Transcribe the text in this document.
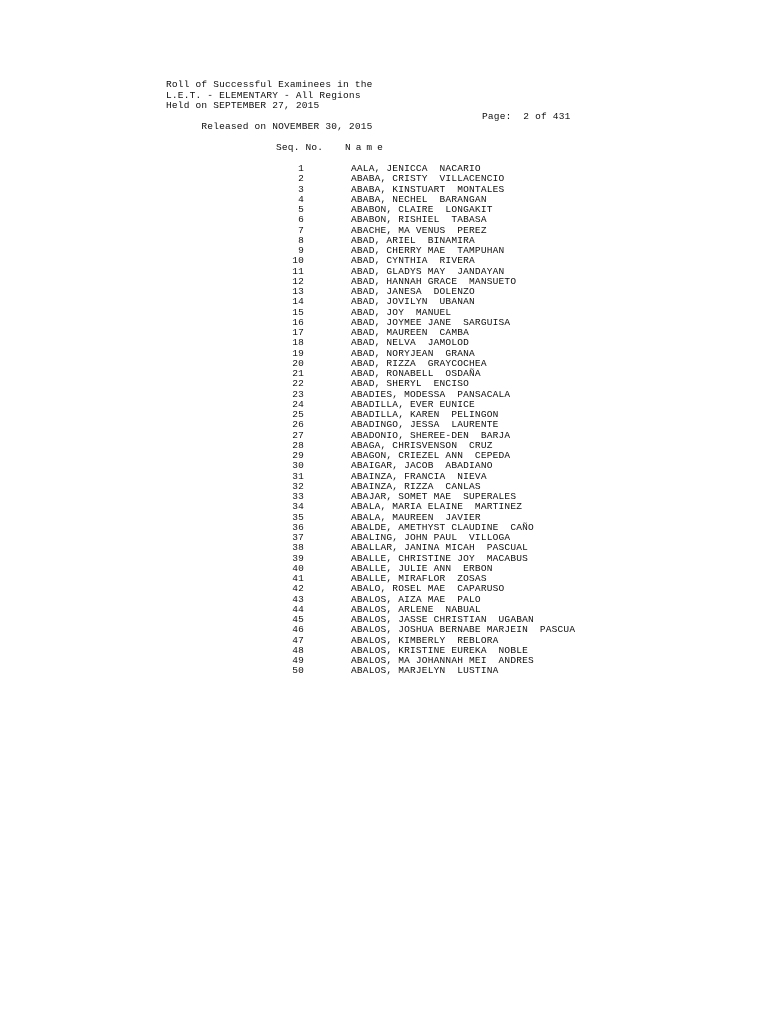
Roll of Successful Examinees in the
L.E.T. - ELEMENTARY - All Regions
Held on SEPTEMBER 27, 2015

Released on NOVEMBER 30, 2015

Page:  2 of 431

Seq. No. Name
1	AALA, JENICCA  NACARIO
2	ABABA, CRISTY  VILLACENCIO
3	ABABA, KINSTUART  MONTALES
4	ABABA, NECHEL  BARANGAN
5	ABABON, CLAIRE  LONGAKIT
6	ABABON, RISHIEL  TABASA
7	ABACHE, MA VENUS  PEREZ
8	ABAD, ARIEL  BINAMIRA
9	ABAD, CHERRY MAE  TAMPUHAN
10	ABAD, CYNTHIA  RIVERA
11	ABAD, GLADYS MAY  JANDAYAN
12	ABAD, HANNAH GRACE  MANSUETO
13	ABAD, JANESA  DOLENZO
14	ABAD, JOVILYN  UBANAN
15	ABAD, JOY  MANUEL
16	ABAD, JOYMEE JANE  SARGUISA
17	ABAD, MAUREEN  CAMBA
18	ABAD, NELVA  JAMOLOD
19	ABAD, NORYJEAN  GRANA
20	ABAD, RIZZA  GRAYCOCHEA
21	ABAD, RONABELL  OSDAÑA
22	ABAD, SHERYL  ENCISO
23	ABADIES, MODESSA  PANSACALA
24	ABADILLA, EVER EUNICE
25	ABADILLA, KAREN  PELINGON
26	ABADINGO, JESSA  LAURENTE
27	ABADONIO, SHEREE-DEN  BARJA
28	ABAGA, CHRISVENSON  CRUZ
29	ABAGON, CRIEZEL ANN  CEPEDA
30	ABAIGAR, JACOB  ABADIANO
31	ABAINZA, FRANCIA  NIEVA
32	ABAINZA, RIZZA  CANLAS
33	ABAJAR, SOMET MAE  SUPERALES
34	ABALA, MARIA ELAINE  MARTINEZ
35	ABALA, MAUREEN  JAVIER
36	ABALDE, AMETHYST CLAUDINE  CAÑO
37	ABALING, JOHN PAUL  VILLOGA
38	ABALLAR, JANINA MICAH  PASCUAL
39	ABALLE, CHRISTINE JOY  MACABUS
40	ABALLE, JULIE ANN  ERBON
41	ABALLE, MIRAFLOR  ZOSAS
42	ABALO, ROSEL MAE  CAPARUSO
43	ABALOS, AIZA MAE  PALO
44	ABALOS, ARLENE  NABUAL
45	ABALOS, JASSE CHRISTIAN  UGABAN
46	ABALOS, JOSHUA BERNABE MARJEIN  PASCUA
47	ABALOS, KIMBERLY  REBLORA
48	ABALOS, KRISTINE EUREKA  NOBLE
49	ABALOS, MA JOHANNAH MEI  ANDRES
50	ABALOS, MARJELYN  LUSTINA
